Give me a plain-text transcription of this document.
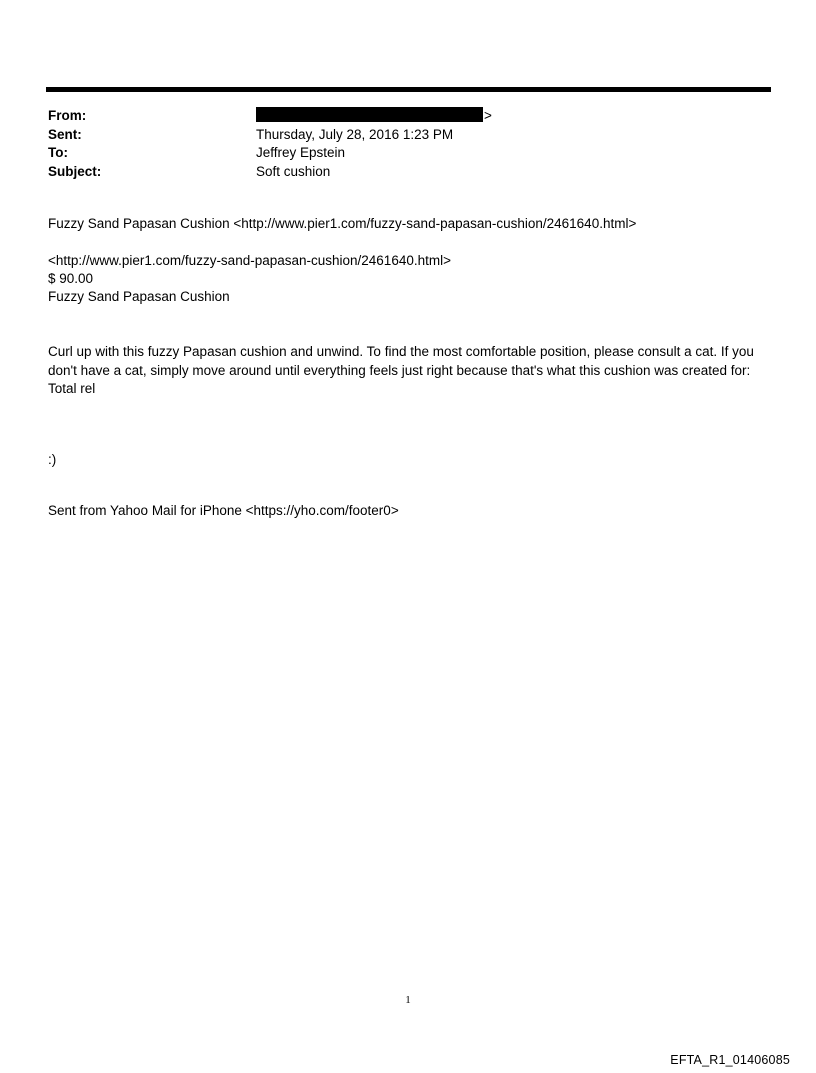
From:	>
Sent:	Thursday, July 28, 2016 1:23 PM
To:	Jeffrey Epstein
Subject:	Soft cushion
Fuzzy Sand Papasan Cushion <http://www.pier1.com/fuzzy-sand-papasan-cushion/2461640.html>
<http://www.pier1.com/fuzzy-sand-papasan-cushion/2461640.html>
$ 90.00
Fuzzy Sand Papasan Cushion
Curl up with this fuzzy Papasan cushion and unwind. To find the most comfortable position, please consult a cat. If you don't have a cat, simply move around until everything feels just right because that's what this cushion was created for: Total rel
:)
Sent from Yahoo Mail for iPhone <https://yho.com/footer0>
1
EFTA_R1_01406085
